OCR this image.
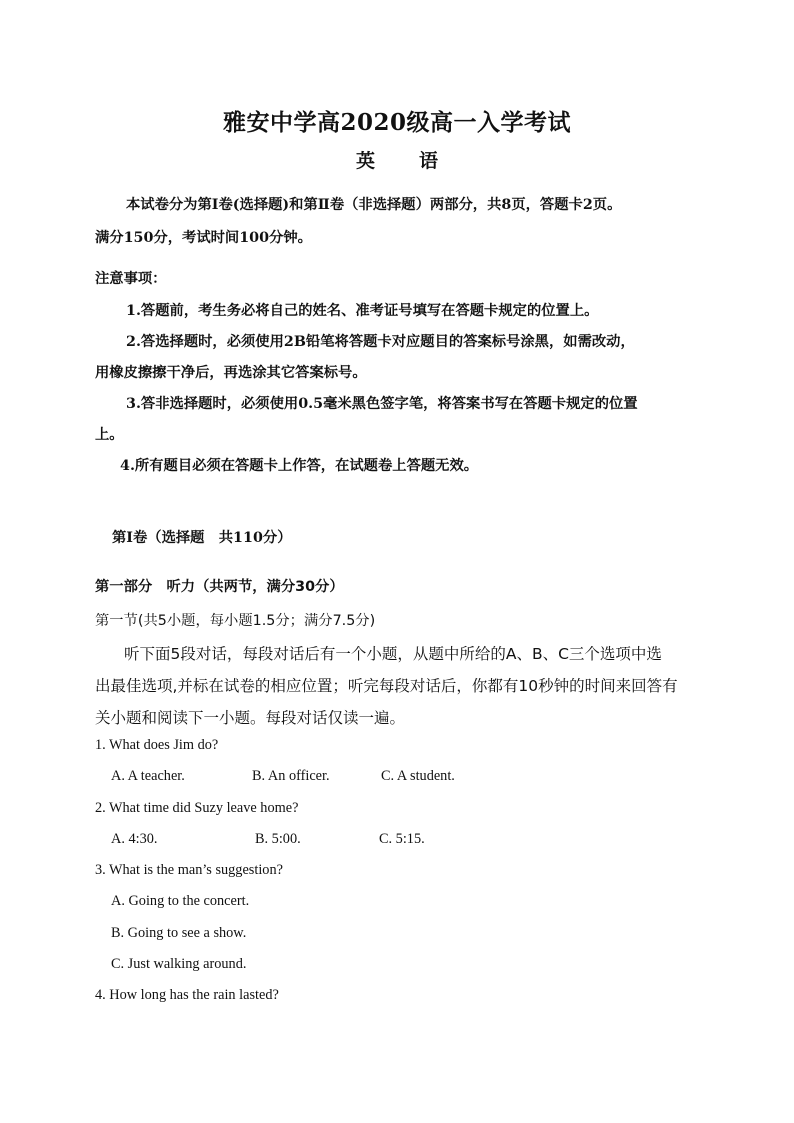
雅安中学高2020级高一入学考试
英 语
本试卷分为第Ⅰ卷(选择题)和第Ⅱ卷（非选择题）两部分，共8页，答题卡2页。
满分150分，考试时间100分钟。
注意事项：
1.答题前，考生务必将自己的姓名、准考证号填写在答题卡规定的位置上。
2.答选择题时，必须使用2B铅笔将答题卡对应题目的答案标号涂黑，如需改动，
用橡皮擦擦干净后，再选涂其它答案标号。
3.答非选择题时，必须使用0.5毫米黑色签字笔，将答案书写在答题卡规定的位置
上。
4.所有题目必须在答题卡上作答，在试题卷上答题无效。
第Ⅰ卷（选择题　共110分）
第一部分　听力（共两节，满分30分）
第一节(共5小题，每小题1.5分；满分7.5分)
听下面5段对话，每段对话后有一个小题，从题中所给的A、B、C三个选项中选
出最佳选项,并标在试卷的相应位置；听完每段对话后，你都有10秒钟的时间来回答有
关小题和阅读下一小题。每段对话仅读一遍。
1. What does Jim do?
A. A teacher.	B. An officer.	C. A student.
2. What time did Suzy leave home?
A. 4:30.	B. 5:00.	C. 5:15.
3. What is the man’s suggestion?
A. Going to the concert.
B. Going to see a show.
C. Just walking around.
4. How long has the rain lasted?
